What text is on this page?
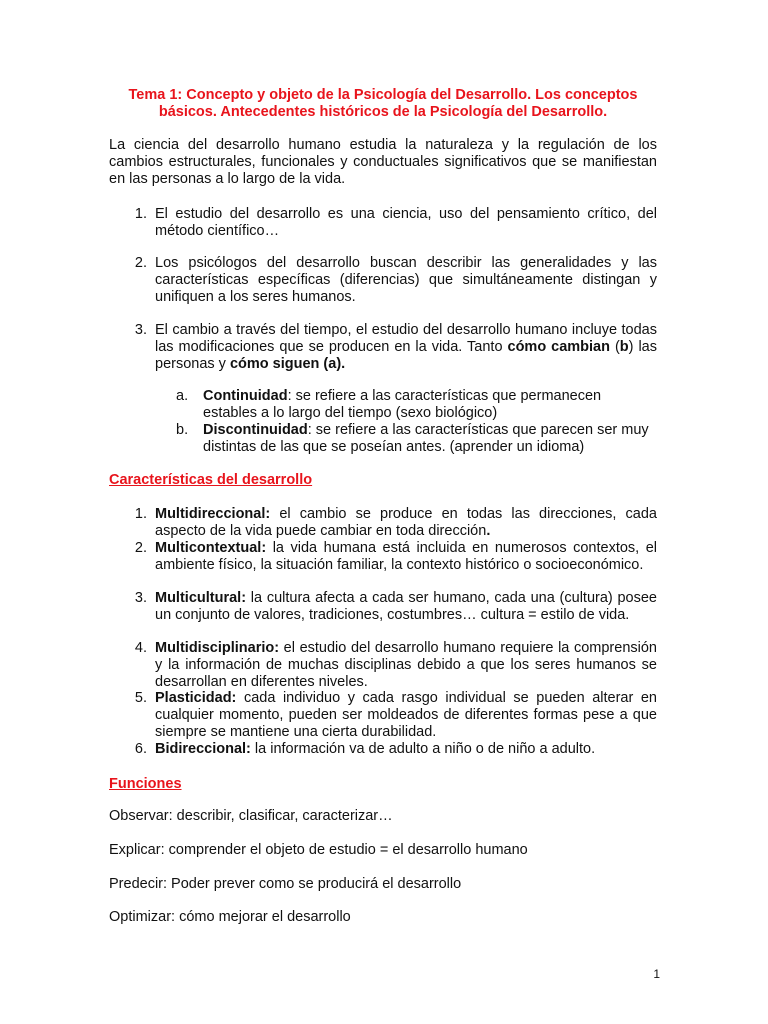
Tema 1: Concepto y objeto de la Psicología del Desarrollo. Los conceptos básicos. Antecedentes históricos de la Psicología del Desarrollo.
La ciencia del desarrollo humano estudia la naturaleza y la regulación de los cambios estructurales, funcionales y conductuales significativos que se manifiestan en las personas a lo largo de la vida.
1. El estudio del desarrollo es una ciencia, uso del pensamiento crítico, del método científico…
2. Los psicólogos del desarrollo buscan describir las generalidades y las características específicas (diferencias) que simultáneamente distingan y unifiquen a los seres humanos.
3. El cambio a través del tiempo, el estudio del desarrollo humano incluye todas las modificaciones que se producen en la vida. Tanto cómo cambian (b) las personas y cómo siguen (a).
a.	Continuidad: se refiere a las características que permanecen estables a lo largo del tiempo (sexo biológico)
b.	Discontinuidad: se refiere a las características que parecen ser muy distintas de las que se poseían antes. (aprender un idioma)
Características del desarrollo
1. Multidireccional: el cambio se produce en todas las direcciones, cada aspecto de la vida puede cambiar en toda dirección.
2. Multicontextual: la vida humana está incluida en numerosos contextos, el ambiente físico, la situación familiar, la contexto histórico o socioeconómico.
3. Multicultural: la cultura afecta a cada ser humano, cada una (cultura) posee un conjunto de valores, tradiciones, costumbres… cultura = estilo de vida.
4. Multidisciplinario: el estudio del desarrollo humano requiere la comprensión y la información de muchas disciplinas debido a que los seres humanos se desarrollan en diferentes niveles.
5. Plasticidad: cada individuo y cada rasgo individual se pueden alterar en cualquier momento, pueden ser moldeados de diferentes formas pese a que siempre se mantiene una cierta durabilidad.
6. Bidireccional: la información va de adulto a niño o de niño a adulto.
Funciones
Observar: describir, clasificar, caracterizar…
Explicar: comprender el objeto de estudio = el desarrollo humano
Predecir: Poder prever como se producirá el desarrollo
Optimizar: cómo mejorar el desarrollo
1
